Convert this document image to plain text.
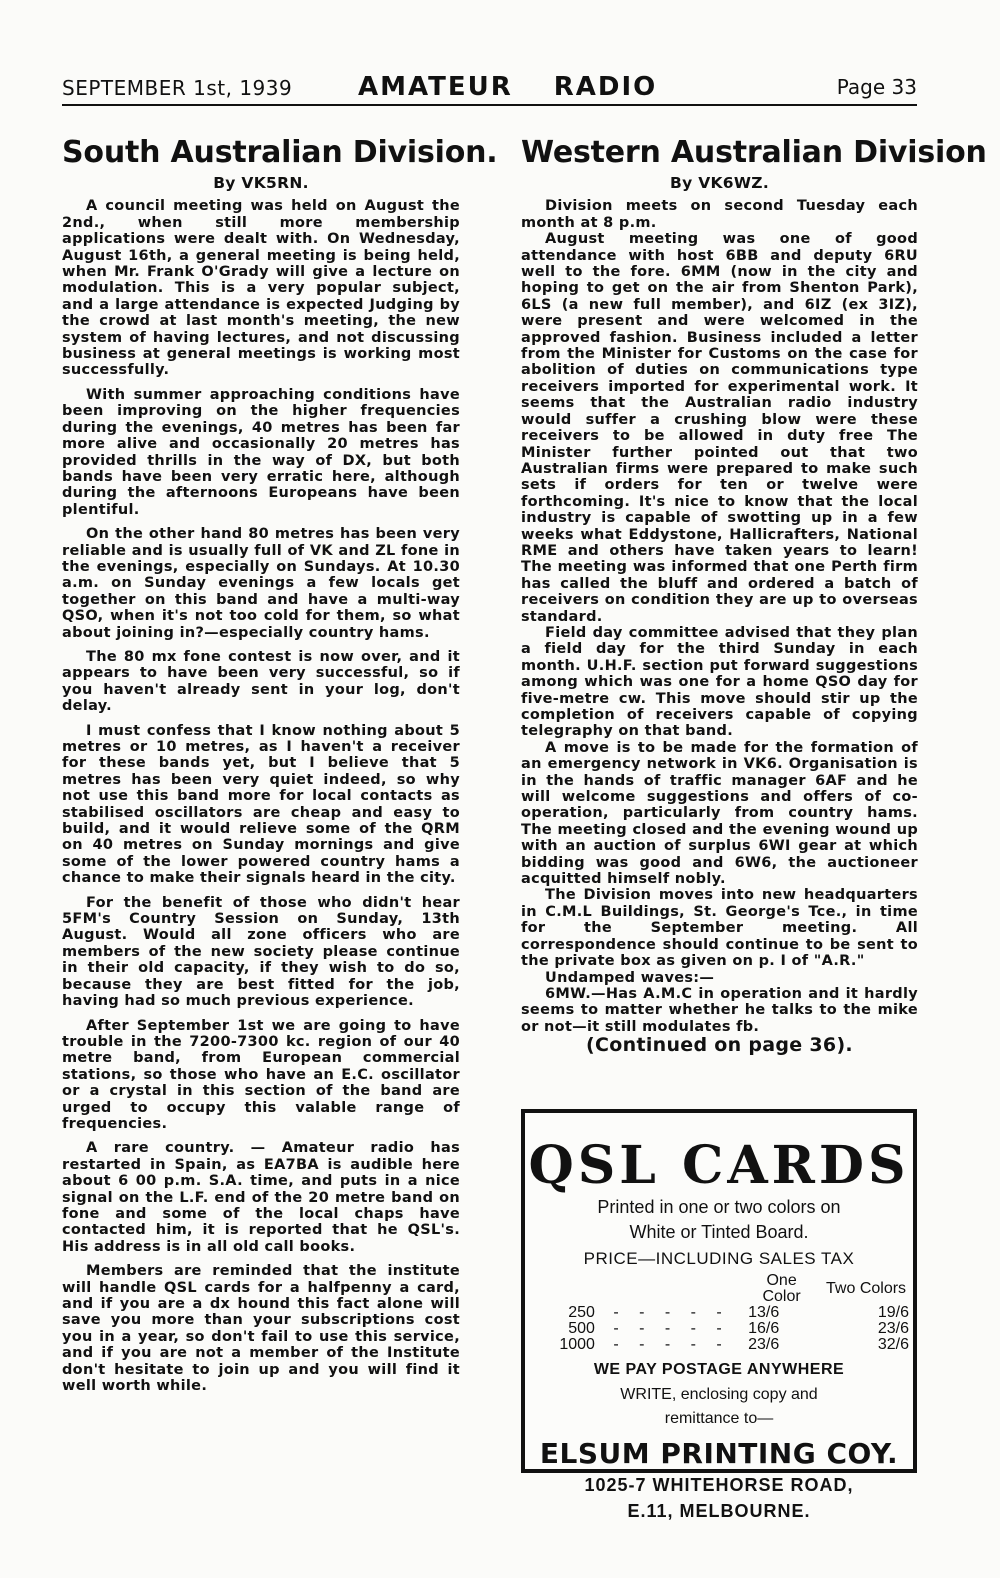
SEPTEMBER 1st, 1939	AMATEUR RADIO	Page 33
South Australian Division.
By VK5RN.

A council meeting was held on August the 2nd., when still more membership applications were dealt with. On Wednesday, August 16th, a general meeting is being held, when Mr. Frank O'Grady will give a lecture on modulation. This is a very popular subject, and a large attendance is expected Judging by the crowd at last month's meeting, the new system of having lectures, and not discussing business at general meetings is working most successfully.

With summer approaching conditions have been improving on the higher frequencies during the evenings, 40 metres has been far more alive and occasionally 20 metres has provided thrills in the way of DX, but both bands have been very erratic here, although during the afternoons Europeans have been plentiful.

On the other hand 80 metres has been very reliable and is usually full of VK and ZL fone in the evenings, especially on Sundays. At 10.30 a.m. on Sunday evenings a few locals get together on this band and have a multi-way QSO, when it's not too cold for them, so what about joining in?—especially country hams.

The 80 mx fone contest is now over, and it appears to have been very successful, so if you haven't already sent in your log, don't delay.

I must confess that I know nothing about 5 metres or 10 metres, as I haven't a receiver for these bands yet, but I believe that 5 metres has been very quiet indeed, so why not use this band more for local contacts as stabilised oscillators are cheap and easy to build, and it would relieve some of the QRM on 40 metres on Sunday mornings and give some of the lower powered country hams a chance to make their signals heard in the city.

For the benefit of those who didn't hear 5FM's Country Session on Sunday, 13th August. Would all zone officers who are members of the new society please continue in their old capacity, if they wish to do so, because they are best fitted for the job, having had so much previous experience.

After September 1st we are going to have trouble in the 7200-7300 kc. region of our 40 metre band, from European commercial stations, so those who have an E.C. oscillator or a crystal in this section of the band are urged to occupy this valable range of frequencies.

A rare country. — Amateur radio has restarted in Spain, as EA7BA is audible here about 6 00 p.m. S.A. time, and puts in a nice signal on the L.F. end of the 20 metre band on fone and some of the local chaps have contacted him, it is reported that he QSL's. His address is in all old call books.

Members are reminded that the institute will handle QSL cards for a halfpenny a card, and if you are a dx hound this fact alone will save you more than your subscriptions cost you in a year, so don't fail to use this service, and if you are not a member of the Institute don't hesitate to join up and you will find it well worth while.

Western Australian Division
By VK6WZ.

Division meets on second Tuesday each month at 8 p.m.

August meeting was one of good attendance with host 6BB and deputy 6RU well to the fore. 6MM (now in the city and hoping to get on the air from Shenton Park), 6LS (a new full member), and 6IZ (ex 3IZ), were present and were welcomed in the approved fashion. Business included a letter from the Minister for Customs on the case for abolition of duties on communications type receivers imported for experimental work. It seems that the Australian radio industry would suffer a crushing blow were these receivers to be allowed in duty free The Minister further pointed out that two Australian firms were prepared to make such sets if orders for ten or twelve were forthcoming. It's nice to know that the local industry is capable of swotting up in a few weeks what Eddystone, Hallicrafters, National RME and others have taken years to learn! The meeting was informed that one Perth firm has called the bluff and ordered a batch of receivers on condition they are up to overseas standard.

Field day committee advised that they plan a field day for the third Sunday in each month. U.H.F. section put forward suggestions among which was one for a home QSO day for five-metre cw. This move should stir up the completion of receivers capable of copying telegraphy on that band.

A move is to be made for the formation of an emergency network in VK6. Organisation is in the hands of traffic manager 6AF and he will welcome suggestions and offers of co-operation, particularly from country hams. The meeting closed and the evening wound up with an auction of surplus 6WI gear at which bidding was good and 6W6, the auctioneer acquitted himself nobly.

The Division moves into new headquarters in C.M.L Buildings, St. George's Tce., in time for the September meeting. All correspondence should continue to be sent to the private box as given on p. I of "A.R."

Undamped waves:—

6MW.—Has A.M.C in operation and it hardly seems to matter whether he talks to the mike or not—it still modulates fb.

(Continued on page 36).
QSL CARDS
Printed in one or two colors on
White or Tinted Board.
PRICE—INCLUDING SALES TAX
		One Color	Two Colors
250	- - - - -	13/6	19/6
500	- - - - -	16/6	23/6
1000	- - - - -	23/6	32/6
WE PAY POSTAGE ANYWHERE
WRITE, enclosing copy and
remittance to—
ELSUM PRINTING COY.
1025-7 WHITEHORSE ROAD,
E.11, MELBOURNE.
